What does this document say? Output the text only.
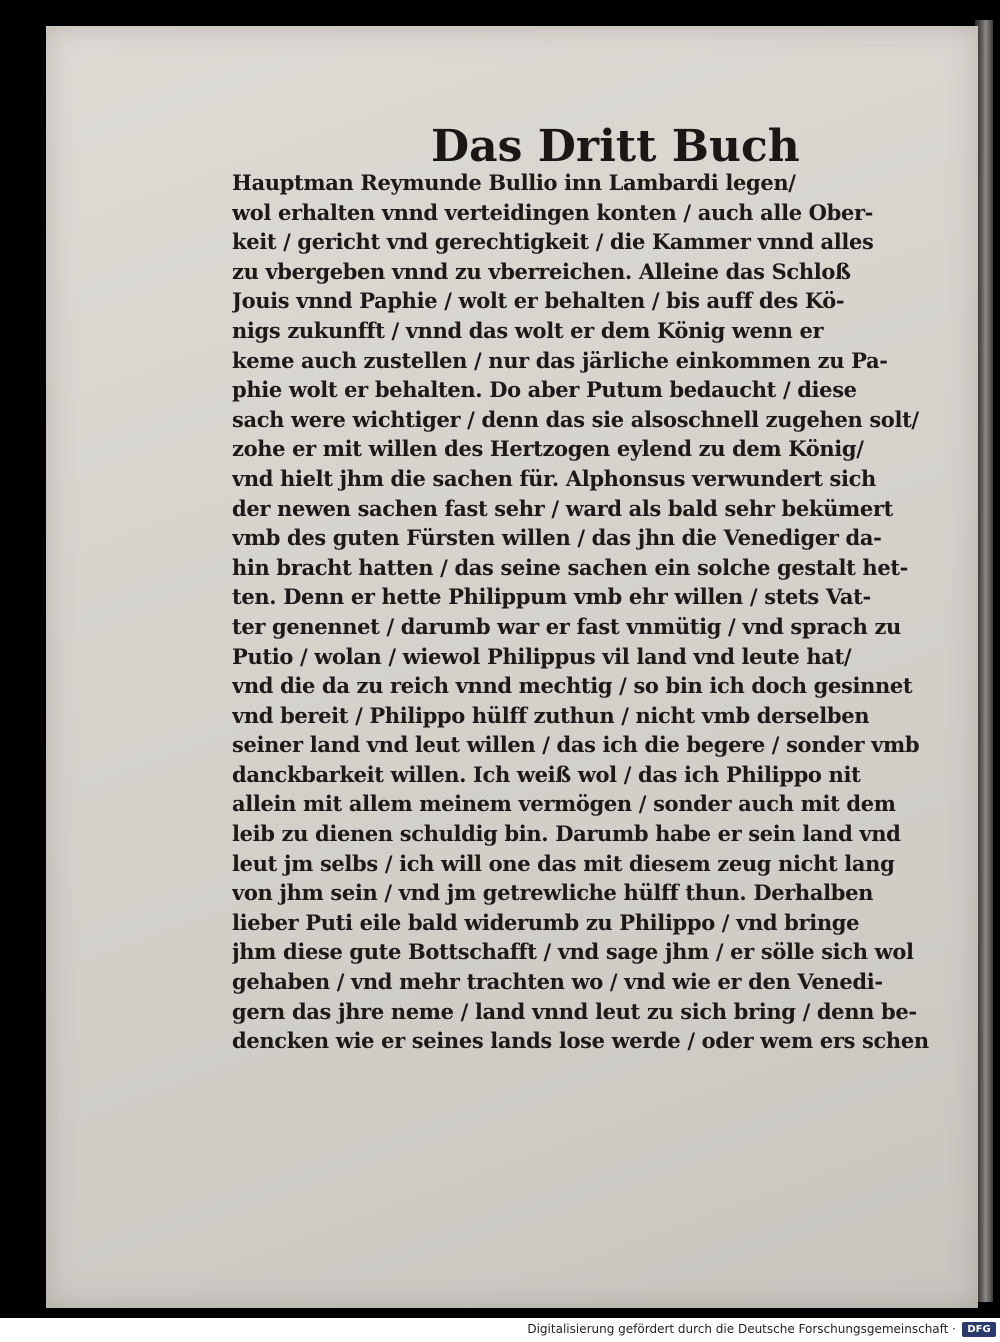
Das Dritt Buch
Hauptman Reymunde Bullio inn Lambardi legen/
wol erhalten vnnd verteidingen konten / auch alle Ober-
keit / gericht vnd gerechtigkeit / die Kammer vnnd alles
zu vbergeben vnnd zu vberreichen. Alleine das Schloß
Jouis vnnd Paphie / wolt er behalten / bis auff des Kö-
nigs zukunfft / vnnd das wolt er dem König wenn er
keme auch zustellen / nur das järliche einkommen zu Pa-
phie wolt er behalten. Do aber Putum bedaucht / diese
sach were wichtiger / denn das sie alsoschnell zugehen solt/
zohe er mit willen des Hertzogen eylend zu dem König/
vnd hielt jhm die sachen für. Alphonsus verwundert sich
der newen sachen fast sehr / ward als bald sehr bekümert
vmb des guten Fürsten willen / das jhn die Venediger da-
hin bracht hatten / das seine sachen ein solche gestalt het-
ten. Denn er hette Philippum vmb ehr willen / stets Vat-
ter genennet / darumb war er fast vnmütig / vnd sprach zu
Putio / wolan / wiewol Philippus vil land vnd leute hat/
vnd die da zu reich vnnd mechtig / so bin ich doch gesinnet
vnd bereit / Philippo hülff zuthun / nicht vmb derselben
seiner land vnd leut willen / das ich die begere / sonder vmb
danckbarkeit willen. Ich weiß wol / das ich Philippo nit
allein mit allem meinem vermögen / sonder auch mit dem
leib zu dienen schuldig bin. Darumb habe er sein land vnd
leut jm selbs / ich will one das mit diesem zeug nicht lang
von jhm sein / vnd jm getrewliche hülff thun. Derhalben
lieber Puti eile bald widerumb zu Philippo / vnd bringe
jhm diese gute Bottschafft / vnd sage jhm / er sölle sich wol
gehaben / vnd mehr trachten wo / vnd wie er den Venedi-
gern das jhre neme / land vnnd leut zu sich bring / denn be-
dencken wie er seines lands lose werde / oder wem ers schen
Digitalisierung gefördert durch die Deutsche Forschungsgemeinschaft ·	DFG
